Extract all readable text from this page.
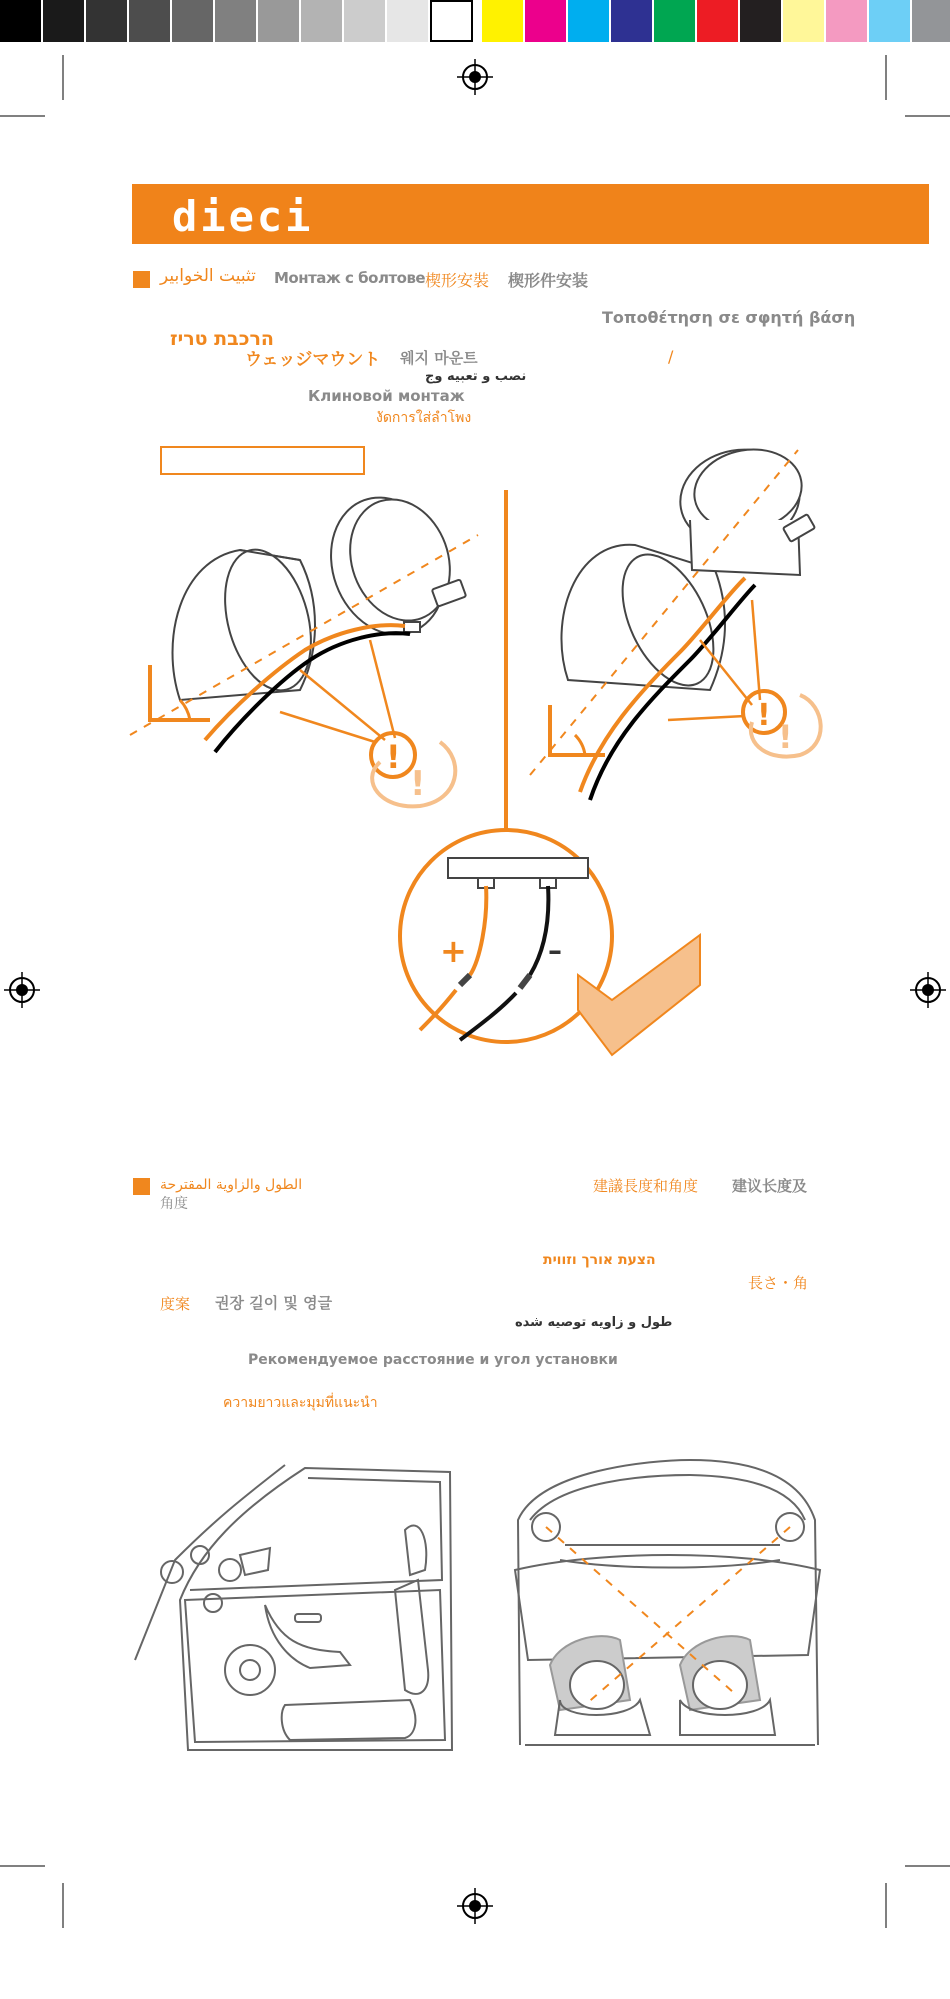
dieci
تثبيت الخوابير Монтаж с болтове 楔形安裝 楔形件安装
Τοποθέτηση σε σφητή βάση
הרכבת טריז
ウェッジマウント 웨지 마운트	/
نصب و تعبیه وج
Клиновой монтаж
งัดการใส่ลำโพง
!
!
!
!
+	–
الطول والزاوية المقترحة
角度
建議長度和角度 建议长度及
הצעת אורך וזווית
長さ・角
度案 권장 길이 및 영글
طول و زاویه توصیه شده
Рекомендуемое расстояние и угол установки
ความยาวและมุมที่แนะนำ
